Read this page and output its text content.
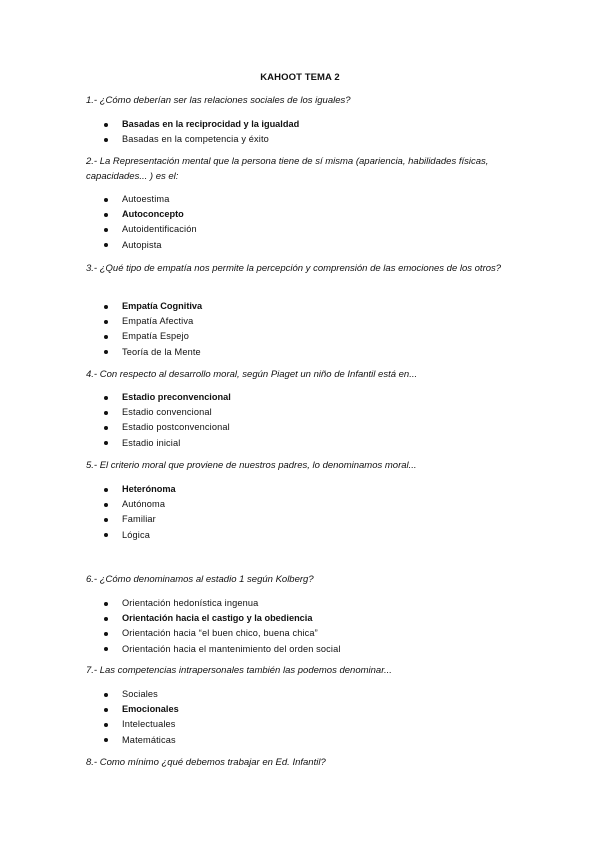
KAHOOT TEMA 2

1.- ¿Cómo deberían ser las relaciones sociales de los iguales?

Basadas en la reciprocidad y la igualdad
Basadas en la competencia y éxito

2.- La Representación mental que la persona tiene de sí misma (apariencia, habilidades físicas, capacidades... ) es el:

Autoestima
Autoconcepto
Autoidentificación
Autopista

3.- ¿Qué tipo de empatía nos permite la percepción y comprensión de las emociones de los otros?

Empatía Cognitiva
Empatía Afectiva
Empatía Espejo
Teoría de la Mente

4.- Con respecto al desarrollo moral, según Piaget un niño de Infantil está en...

Estadio preconvencional
Estadio convencional
Estadio postconvencional
Estadio inicial

5.- El criterio moral que proviene de nuestros padres, lo denominamos moral...

Heterónoma
Autónoma
Familiar
Lógica

6.- ¿Cómo denominamos al estadio 1 según Kolberg?

Orientación hedonística ingenua
Orientación hacia el castigo y la obediencia
Orientación hacia “el buen chico, buena chica”
Orientación hacia el mantenimiento del orden social

7.- Las competencias intrapersonales también las podemos denominar...

Sociales
Emocionales
Intelectuales
Matemáticas

8.- Como mínimo ¿qué debemos trabajar en Ed. Infantil?
